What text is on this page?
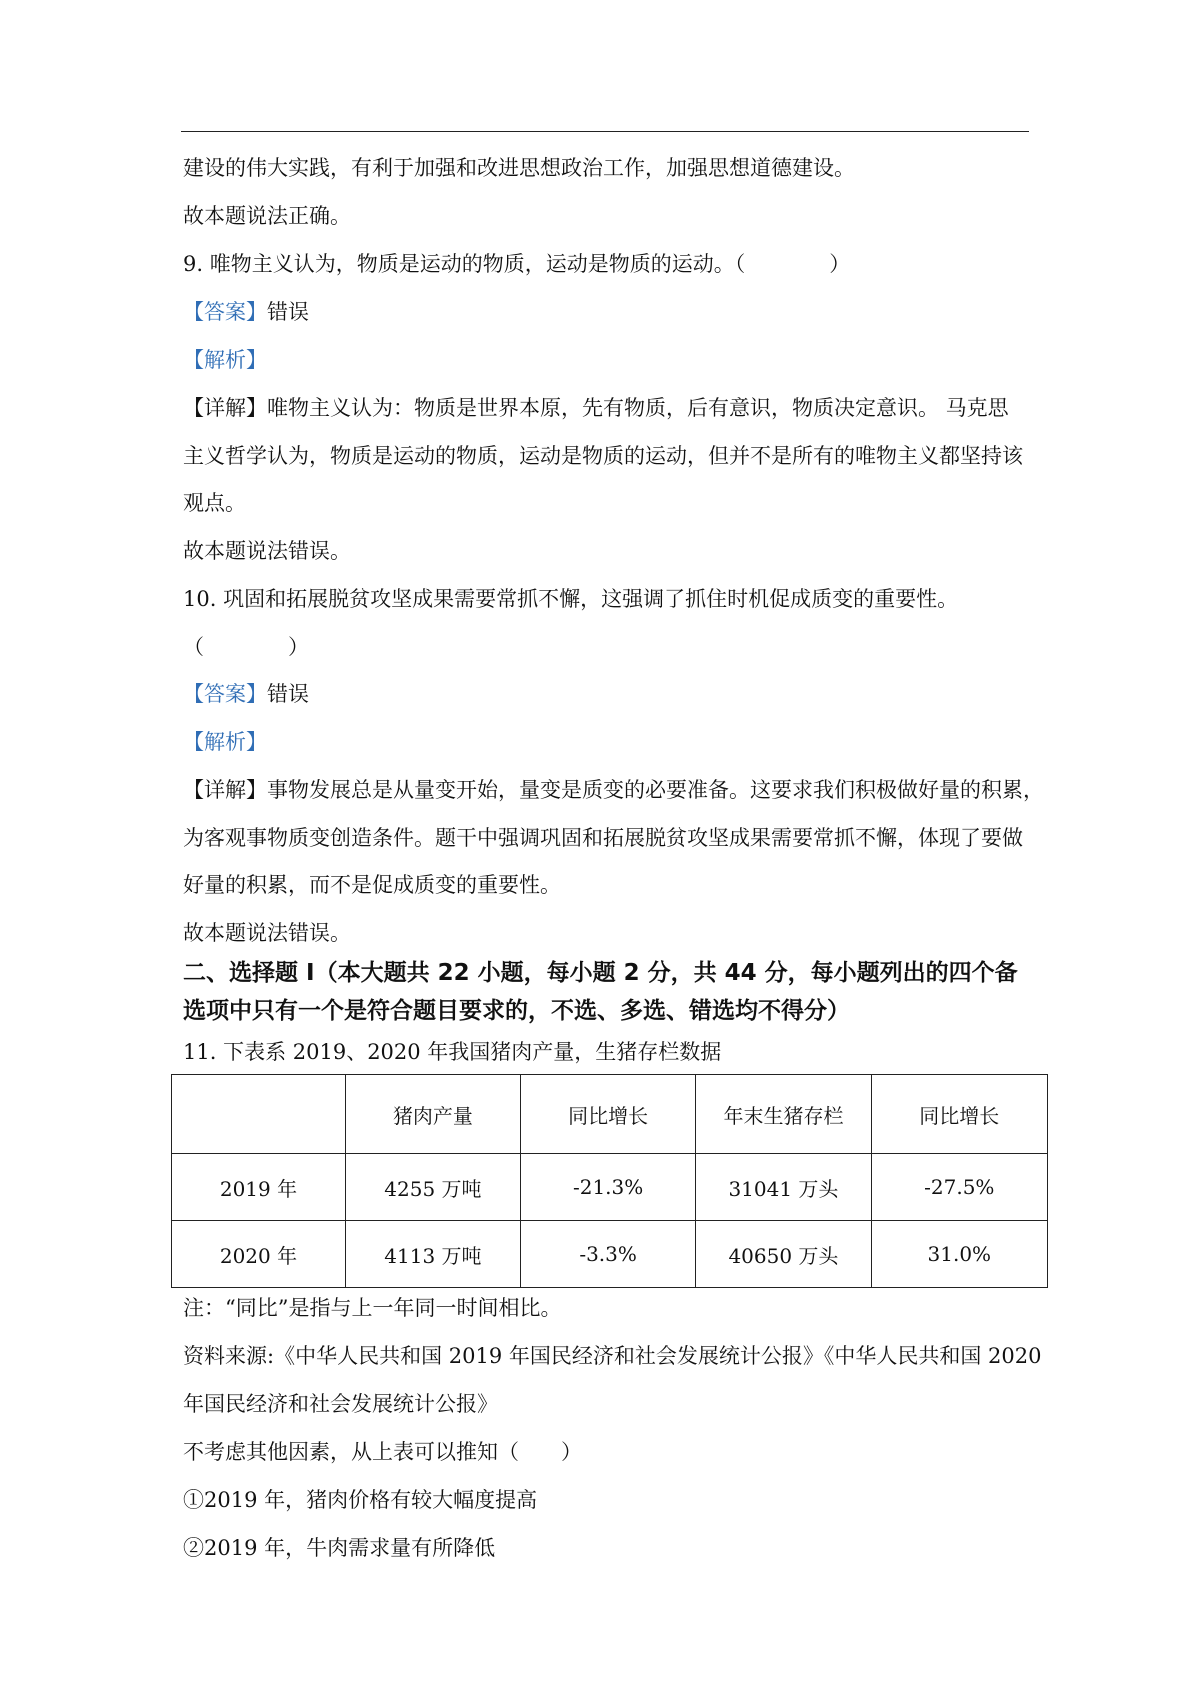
建设的伟大实践，有利于加强和改进思想政治工作，加强思想道德建设。
故本题说法正确。
9. 唯物主义认为，物质是运动的物质，运动是物质的运动。（　　　　）
【答案】错误
【解析】
【详解】唯物主义认为：物质是世界本原，先有物质，后有意识，物质决定意识。 马克思
主义哲学认为，物质是运动的物质，运动是物质的运动，但并不是所有的唯物主义都坚持该
观点。
故本题说法错误。
10. 巩固和拓展脱贫攻坚成果需要常抓不懈，这强调了抓住时机促成质变的重要性。
（　　　　）
【答案】错误
【解析】
【详解】事物发展总是从量变开始，量变是质变的必要准备。这要求我们积极做好量的积累，
为客观事物质变创造条件。题干中强调巩固和拓展脱贫攻坚成果需要常抓不懈，体现了要做
好量的积累，而不是促成质变的重要性。
故本题说法错误。
二、选择题 I（本大题共 22 小题，每小题 2 分，共 44 分，每小题列出的四个备
选项中只有一个是符合题目要求的，不选、多选、错选均不得分）
11. 下表系 2019、2020 年我国猪肉产量，生猪存栏数据
	猪肉产量	同比增长	年末生猪存栏	同比增长
2019 年	4255 万吨	-21.3%	31041 万头	-27.5%
2020 年	4113 万吨	-3.3%	40650 万头	31.0%
注：“同比”是指与上一年同一时间相比。
资料来源:《中华人民共和国 2019 年国民经济和社会发展统计公报》《中华人民共和国 2020
年国民经济和社会发展统计公报》
不考虑其他因素，从上表可以推知（　　）
①2019 年，猪肉价格有较大幅度提高
②2019 年，牛肉需求量有所降低
